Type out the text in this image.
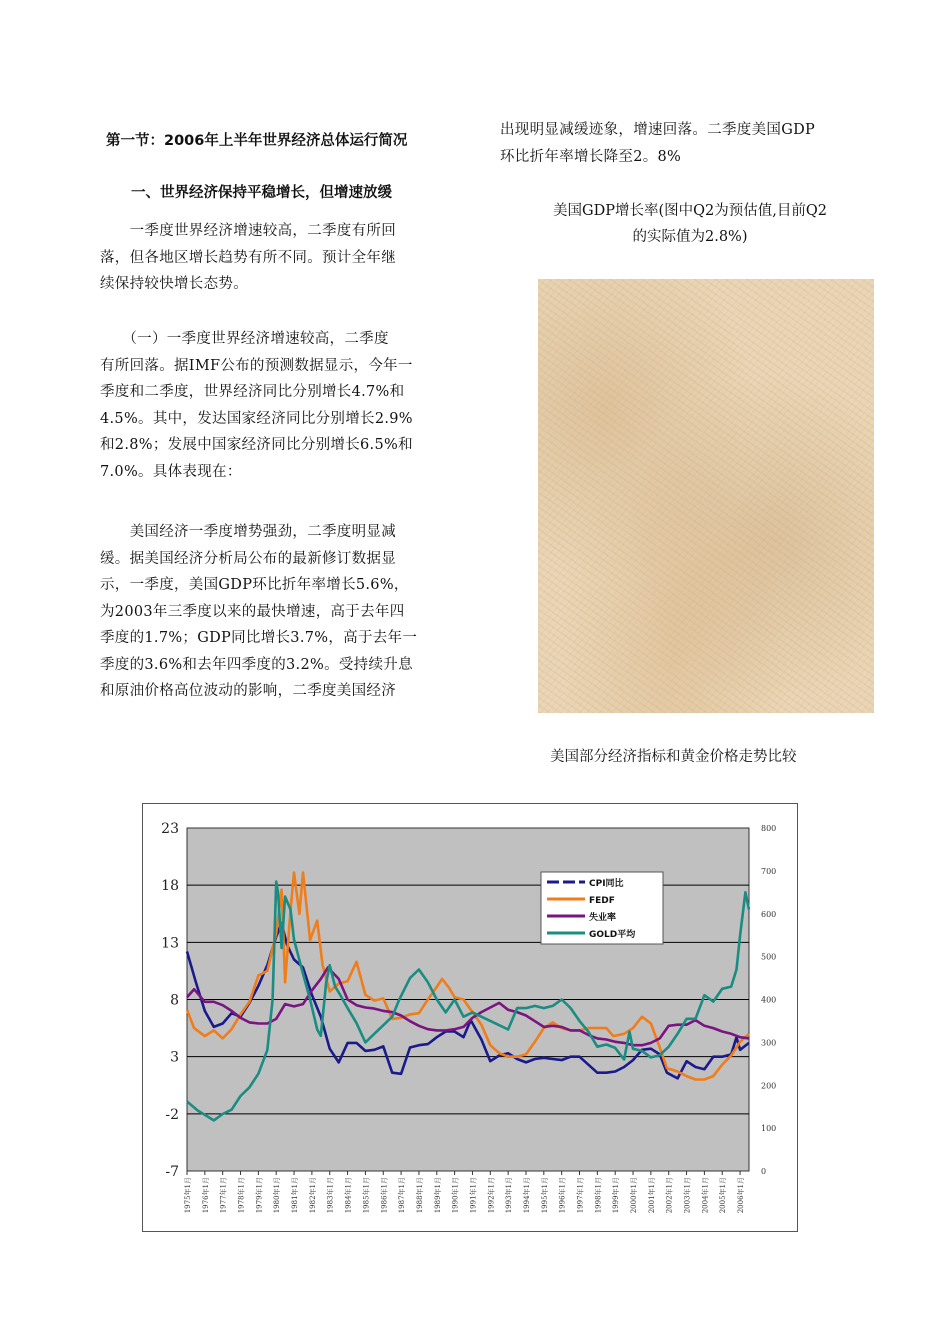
第一节：2006年上半年世界经济总体运行简况
一、世界经济保持平稳增长，但增速放缓
　　一季度世界经济增速较高，二季度有所回
落，但各地区增长趋势有所不同。预计全年继
续保持较快增长态势。
　　（一）一季度世界经济增速较高，二季度
有所回落。据IMF公布的预测数据显示，今年一
季度和二季度，世界经济同比分别增长4.7%和
4.5%。其中，发达国家经济同比分别增长2.9%
和2.8%；发展中国家经济同比分别增长6.5%和
7.0%。具体表现在：
　　美国经济一季度增势强劲，二季度明显减
缓。据美国经济分析局公布的最新修订数据显
示，一季度，美国GDP环比折年率增长5.6%，
为2003年三季度以来的最快增速，高于去年四
季度的1.7%；GDP同比增长3.7%，高于去年一
季度的3.6%和去年四季度的3.2%。受持续升息
和原油价格高位波动的影响，二季度美国经济
出现明显减缓迹象，增速回落。二季度美国GDP
环比折年率增长降至2。8%
美国GDP增长率(图中Q2为预估值,目前Q2
的实际值为2.8%)
美国部分经济指标和黄金价格走势比较
23
18
13
8
3
-2
-7
800
700
600
500
400
300
200
100
0
1975年1月 1976年1月 1977年1月 1978年1月 1979年1月 1980年1月 1981年1月 1982年1月 1983年1月 1984年1月 1985年1月 1986年1月 1987年1月 1988年1月 1989年1月 1990年1月 1991年1月 1992年1月 1993年1月 1994年1月 1995年1月 1996年1月 1997年1月 1998年1月 1999年1月 2000年1月 2001年1月 2002年1月 2003年1月 2004年1月 2005年1月 2006年1月
CPI同比
FEDF
失业率
GOLD平均
